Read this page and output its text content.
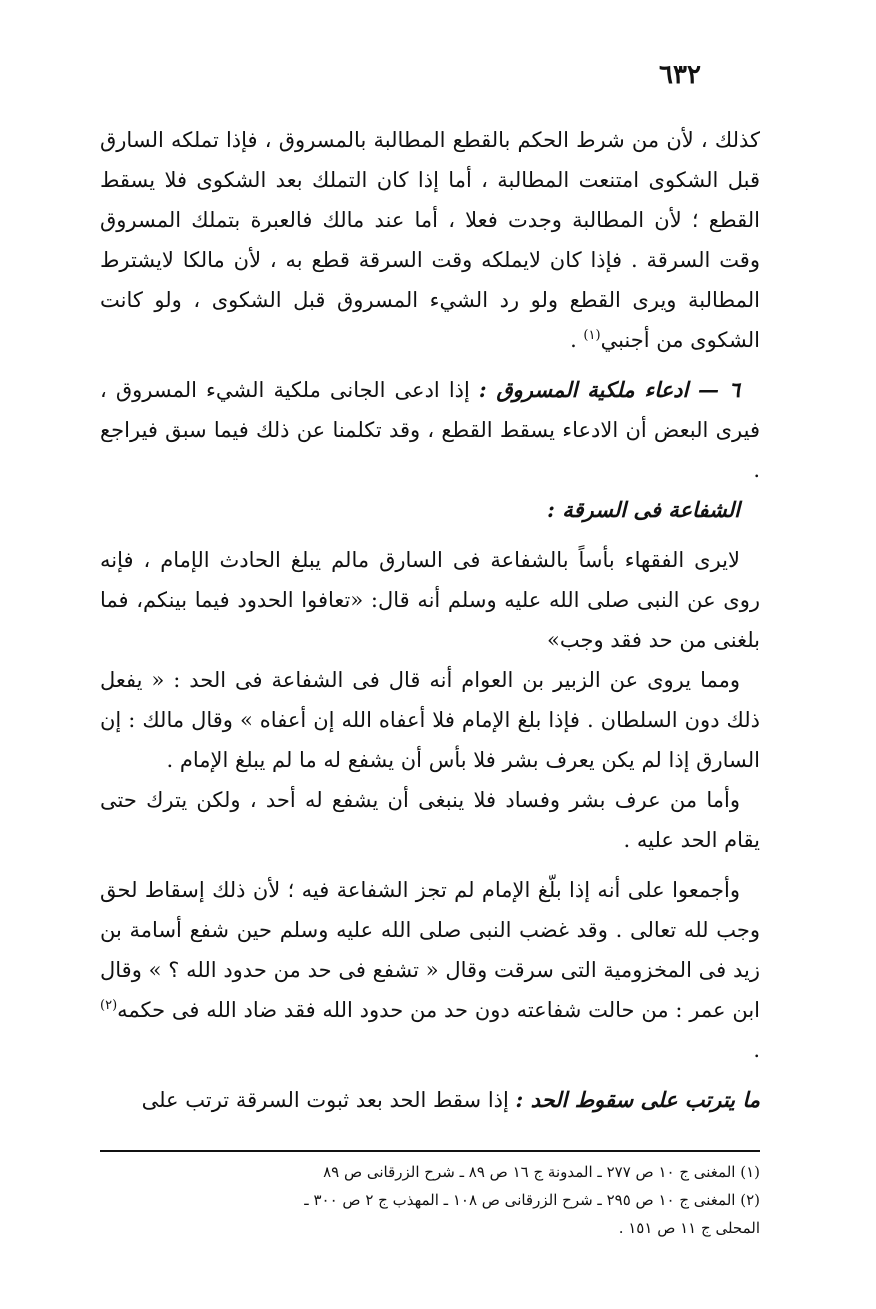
٦٣٢

كذلك ، لأن من شرط الحكم بالقطع المطالبة بالمسروق ، فإذا تملكه السارق قبل الشكوى امتنعت المطالبة ، أما إذا كان التملك بعد الشكوى فلا يسقط القطع ؛ لأن المطالبة وجدت فعلا ، أما عند مالك فالعبرة بتملك المسروق وقت السرقة . فإذا كان لايملكه وقت السرقة قطع به ، لأن مالكا لايشترط المطالبة ويرى القطع ولو رد الشيء المسروق قبل الشكوى ، ولو كانت الشكوى من أجنبي$^{(١)}$ .

٦ — ادعاء ملكية المسروق : إذا ادعى الجانى ملكية الشيء المسروق ، فيرى البعض أن الادعاء يسقط القطع ، وقد تكلمنا عن ذلك فيما سبق فيراجع .

الشفاعة فى السرقة :

لايرى الفقهاء بأساً بالشفاعة فى السارق مالم يبلغ الحادث الإمام ، فإنه روى عن النبى صلى الله عليه وسلم أنه قال: «تعافوا الحدود فيما بينكم، فما بلغنى من حد فقد وجب»

ومما يروى عن الزبير بن العوام أنه قال فى الشفاعة فى الحد : « يفعل ذلك دون السلطان . فإذا بلغ الإمام فلا أعفاه الله إن أعفاه » وقال مالك : إن السارق إذا لم يكن يعرف بشر فلا بأس أن يشفع له ما لم يبلغ الإمام .

وأما من عرف بشر وفساد فلا ينبغى أن يشفع له أحد ، ولكن يترك حتى يقام الحد عليه .

وأجمعوا على أنه إذا بلّغ الإمام لم تجز الشفاعة فيه ؛ لأن ذلك إسقاط لحق وجب لله تعالى . وقد غضب النبى صلى الله عليه وسلم حين شفع أسامة بن زيد فى المخزومية التى سرقت وقال « تشفع فى حد من حدود الله ؟ » وقال ابن عمر : من حالت شفاعته دون حد من حدود الله فقد ضاد الله فى حكمه$^{(٢)}$ .

ما يترتب على سقوط الحد : إذا سقط الحد بعد ثبوت السرقة ترتب على

(١) المغنى ج ١٠ ص ٢٧٧ ـ المدونة ج ١٦ ص ٨٩ ـ شرح الزرقانى ص ٨٩

(٢) المغنى ج ١٠ ص ٢٩٥ ـ شرح الزرقانى ص ١٠٨ ـ المهذب ج ٢ ص ٣٠٠ ـ

المحلى ج ١١ ص ١٥١ .
